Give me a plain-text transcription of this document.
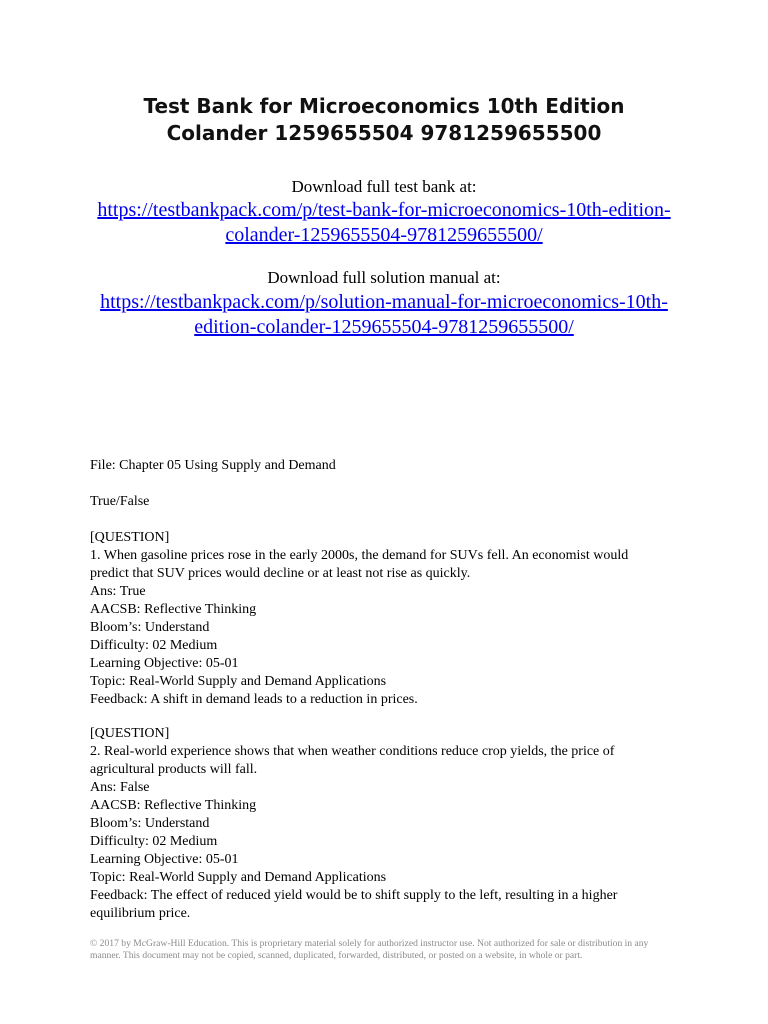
Test Bank for Microeconomics 10th Edition
Colander 1259655504 9781259655500
Download full test bank at:
https://testbankpack.com/p/test-bank-for-microeconomics-10th-edition-
colander-1259655504-9781259655500/
Download full solution manual at:
https://testbankpack.com/p/solution-manual-for-microeconomics-10th-
edition-colander-1259655504-9781259655500/
File: Chapter 05 Using Supply and Demand
True/False
[QUESTION]
1. When gasoline prices rose in the early 2000s, the demand for SUVs fell. An economist would
predict that SUV prices would decline or at least not rise as quickly.
Ans: True
AACSB: Reflective Thinking
Bloom’s: Understand
Difficulty: 02 Medium
Learning Objective: 05-01
Topic: Real-World Supply and Demand Applications
Feedback: A shift in demand leads to a reduction in prices.
[QUESTION]
2. Real-world experience shows that when weather conditions reduce crop yields, the price of
agricultural products will fall.
Ans: False
AACSB: Reflective Thinking
Bloom’s: Understand
Difficulty: 02 Medium
Learning Objective: 05-01
Topic: Real-World Supply and Demand Applications
Feedback: The effect of reduced yield would be to shift supply to the left, resulting in a higher
equilibrium price.
© 2017 by McGraw-Hill Education. This is proprietary material solely for authorized instructor use. Not authorized for sale or distribution in any
manner. This document may not be copied, scanned, duplicated, forwarded, distributed, or posted on a website, in whole or part.
